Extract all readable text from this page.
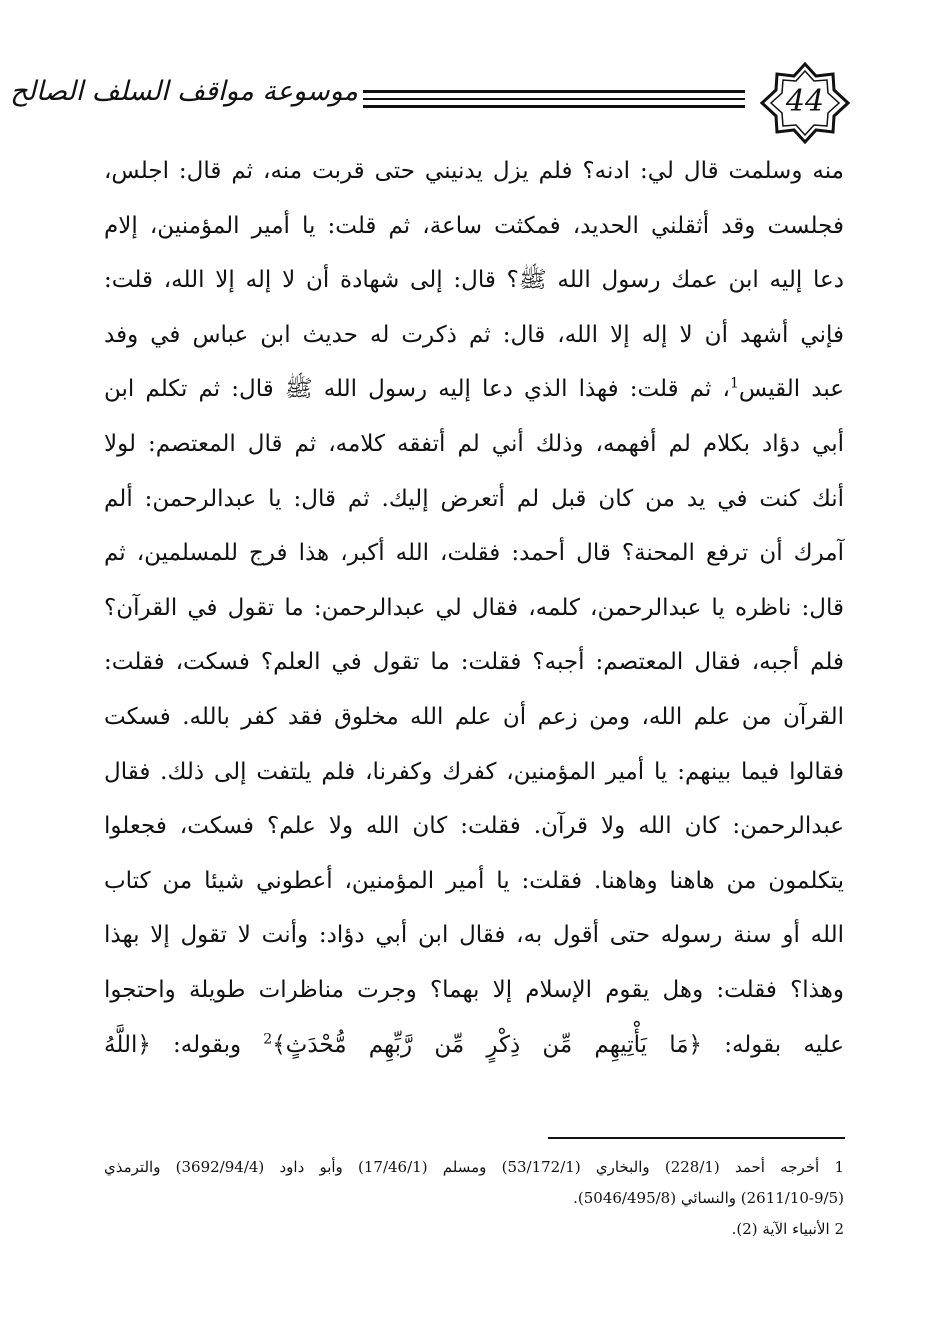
موسوعة مواقف السلف الصالح	44
منه وسلمت قال لي: ادنه؟ فلم يزل يدنيني حتى قربت منه، ثم قال: اجلس،
فجلست وقد أثقلني الحديد، فمكثت ساعة، ثم قلت: يا أمير المؤمنين، إلام
دعا إليه ابن عمك رسول الله ﷺ؟ قال: إلى شهادة أن لا إله إلا الله، قلت:
فإني أشهد أن لا إله إلا الله، قال: ثم ذكرت له حديث ابن عباس في وفد
عبد القيس$^1$، ثم قلت: فهذا الذي دعا إليه رسول الله ﷺ قال: ثم تكلم ابن
أبي دؤاد بكلام لم أفهمه، وذلك أني لم أتفقه كلامه، ثم قال المعتصم: لولا
أنك كنت في يد من كان قبل لم أتعرض إليك. ثم قال: يا عبدالرحمن: ألم
آمرك أن ترفع المحنة؟ قال أحمد: فقلت، الله أكبر، هذا فرج للمسلمين، ثم
قال: ناظره يا عبدالرحمن، كلمه، فقال لي عبدالرحمن: ما تقول في القرآن؟
فلم أجبه، فقال المعتصم: أجبه؟ فقلت: ما تقول في العلم؟ فسكت، فقلت:
القرآن من علم الله، ومن زعم أن علم الله مخلوق فقد كفر بالله. فسكت
فقالوا فيما بينهم: يا أمير المؤمنين، كفرك وكفرنا، فلم يلتفت إلى ذلك. فقال
عبدالرحمن: كان الله ولا قرآن. فقلت: كان الله ولا علم؟ فسكت، فجعلوا
يتكلمون من هاهنا وهاهنا. فقلت: يا أمير المؤمنين، أعطوني شيئا من كتاب
الله أو سنة رسوله حتى أقول به، فقال ابن أبي دؤاد: وأنت لا تقول إلا بهذا
وهذا؟ فقلت: وهل يقوم الإسلام إلا بهما؟ وجرت مناظرات طويلة واحتجوا
عليه بقوله: ﴿مَا يَأْتِيهِم مِّن ذِكْرٍ مِّن رَّبِّهِم مُّحْدَثٍ﴾$^2$ وبقوله: ﴿اللَّهُ
1 أخرجه أحمد (228/1) والبخاري (53/172/1) ومسلم (17/46/1) وأبو داود (3692/94/4) والترمذي
(2611/10-9/5) والنسائي (5046/495/8).
2 الأنبياء الآية (2).
